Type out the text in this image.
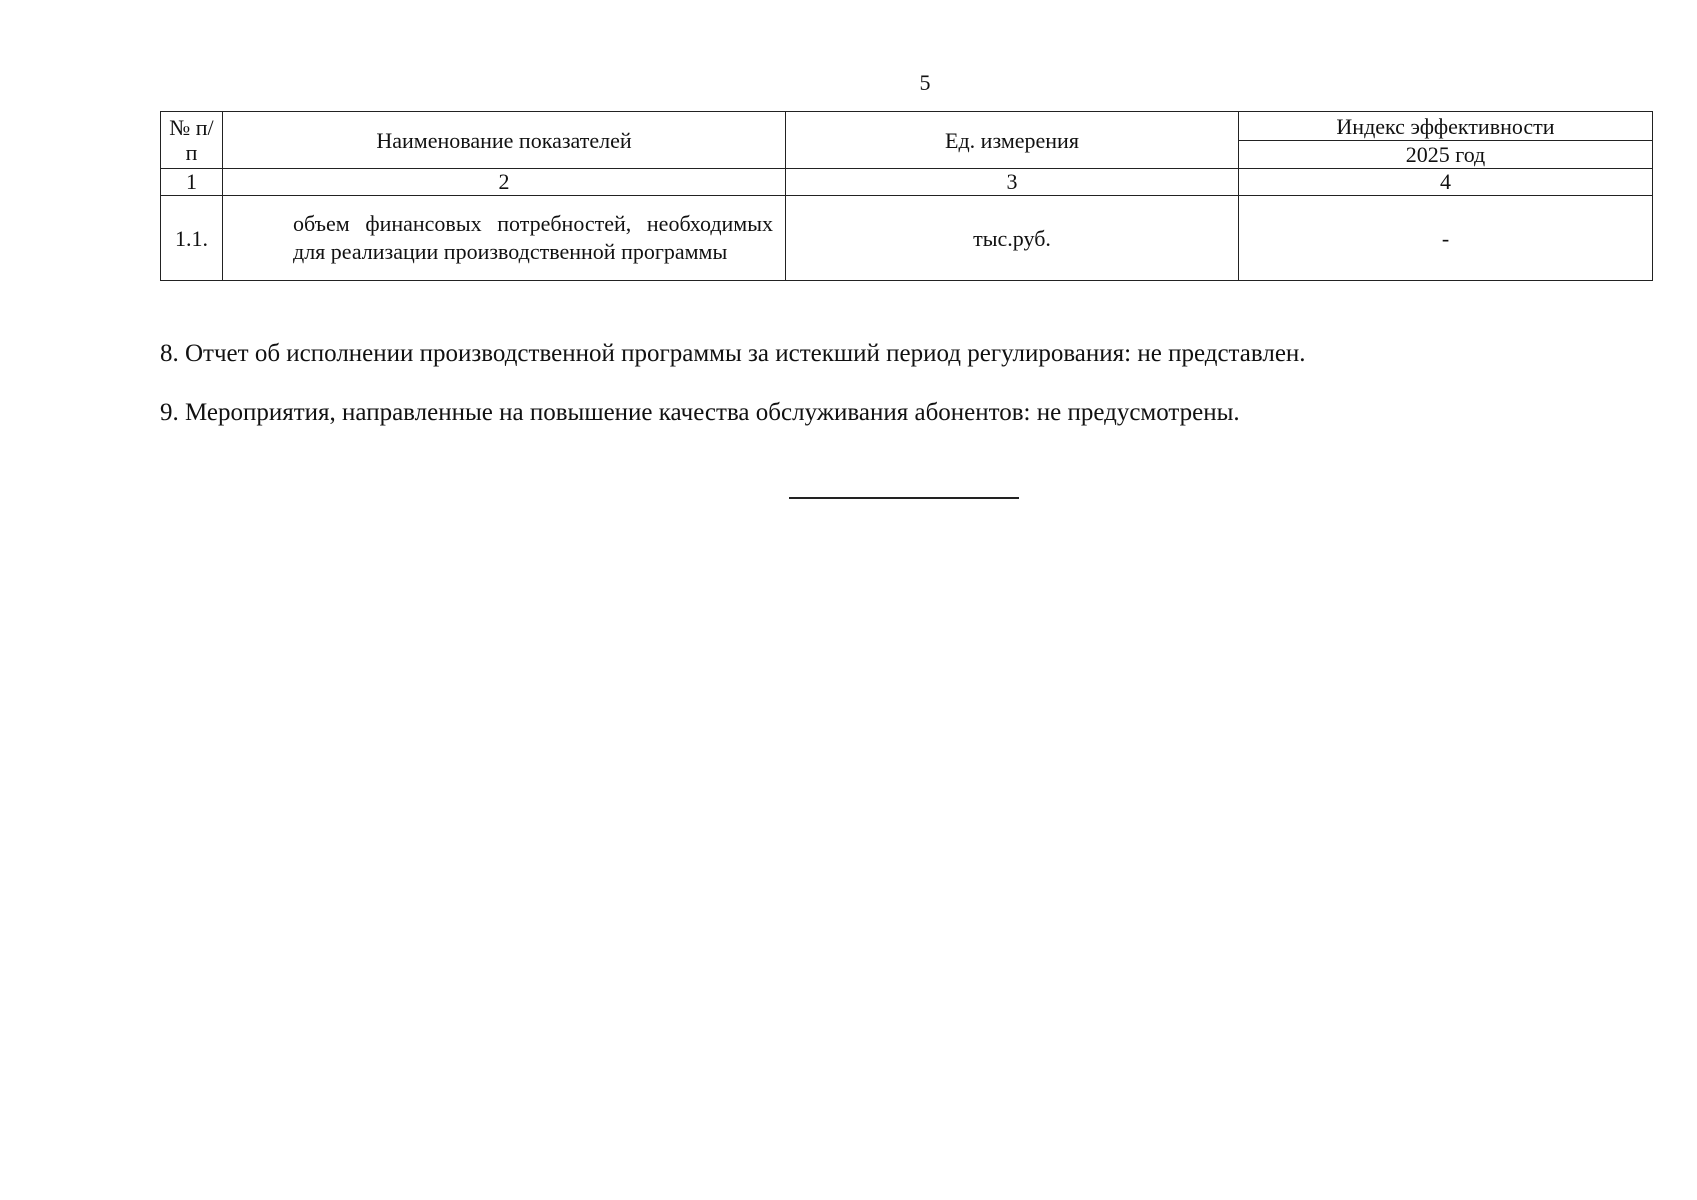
5
№ п/п	Наименование показателей	Ед. измерения	Индекс эффективности
			2025 год
1	2	3	4
1.1.	объем финансовых потребностей, необходимых для реализации производственной программы	тыс.руб.	-

8. Отчет об исполнении производственной программы за истекший период регулирования: не представлен.

9. Мероприятия, направленные на повышение качества обслуживания абонентов: не предусмотрены.
